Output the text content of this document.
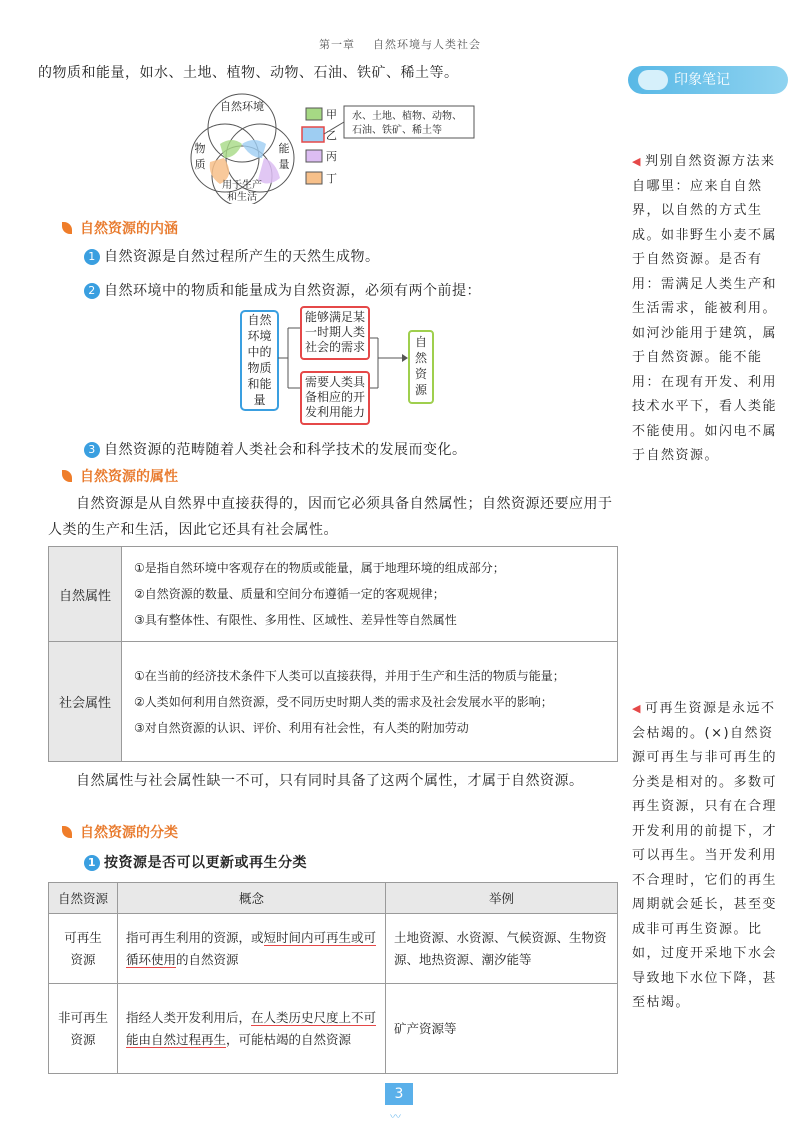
第一章 自然环境与人类社会
的物质和能量，如水、土地、植物、动物、石油、铁矿、稀土等。	印象笔记
自然环境
物
质
能
量
用于生产
和生活
甲
乙
丙
丁
水、土地、植物、动物、
石油、铁矿、稀土等
自然资源的内涵
1 自然资源是自然过程所产生的天然生成物。
2 自然环境中的物质和能量成为自然资源，必须有两个前提：
自然
环境
中的
物质
和能
量
能够满足某
一时期人类
社会的需求
需要人类具
备相应的开
发利用能力
自
然
资
源
3 自然资源的范畴随着人类社会和科学技术的发展而变化。
自然资源的属性
自然资源是从自然界中直接获得的，因而它必须具备自然属性；自然资源还要应用于人类的生产和生活，因此它还具有社会属性。
自然属性	①是指自然环境中客观存在的物质或能量，属于地理环境的组成部分；
②自然资源的数量、质量和空间分布遵循一定的客观规律；
③具有整体性、有限性、多用性、区域性、差异性等自然属性

社会属性	①在当前的经济技术条件下人类可以直接获得，并用于生产和生活的物质与能量；
②人类如何利用自然资源，受不同历史时期人类的需求及社会发展水平的影响；
③对自然资源的认识、评价、利用有社会性，有人类的附加劳动
自然属性与社会属性缺一不可，只有同时具备了这两个属性，才属于自然资源。
自然资源的分类
1 按资源是否可以更新或再生分类
自然资源	概念	举例
可再生
资源	指可再生利用的资源，或短时间内可再生或可循环使用的自然资源	土地资源、水资源、气候资源、生物资源、地热资源、潮汐能等
非可再生
资源	指经人类开发利用后，在人类历史尺度上不可能由自然过程再生，可能枯竭的自然资源	矿产资源等
◀ 判别自然资源方法来自哪里：应来自自然界，以自然的方式生成。如非野生小麦不属于自然资源。是否有用：需满足人类生产和生活需求，能被利用。如河沙能用于建筑，属于自然资源。能不能用：在现有开发、利用技术水平下，看人类能不能使用。如闪电不属于自然资源。
◀ 可再生资源是永远不会枯竭的。(×)自然资源可再生与非可再生的分类是相对的。多数可再生资源，只有在合理开发利用的前提下，才可以再生。当开发利用不合理时，它们的再生周期就会延长，甚至变成非可再生资源。比如，过度开采地下水会导致地下水位下降，甚至枯竭。
3
〰
